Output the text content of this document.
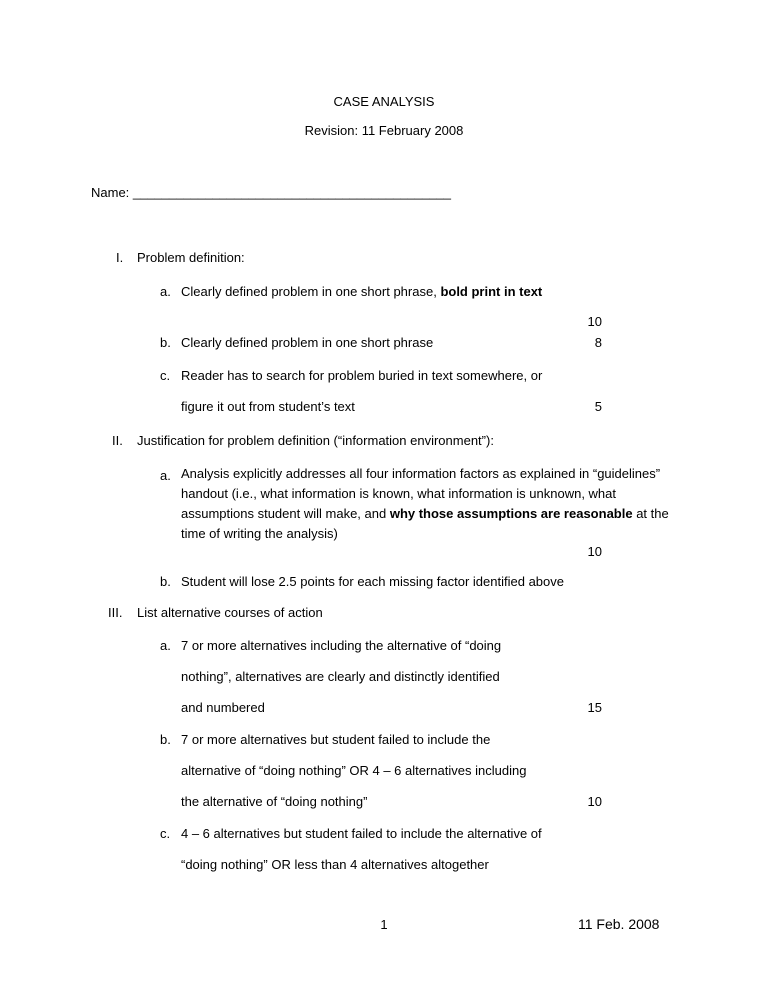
CASE ANALYSIS
Revision: 11 February 2008
Name: ____________________________________________
I. Problem definition:
a. Clearly defined problem in one short phrase, bold print in text
10
b. Clearly defined problem in one short phrase	8
c. Reader has to search for problem buried in text somewhere, or
figure it out from student’s text	5
II. Justification for problem definition (“information environment”):
a. Analysis explicitly addresses all four information factors as explained in “guidelines” handout (i.e., what information is known, what information is unknown, what assumptions student will make, and why those assumptions are reasonable at the time of writing the analysis)
10
b. Student will lose 2.5 points for each missing factor identified above
III. List alternative courses of action
a. 7 or more alternatives including the alternative of “doing
nothing”, alternatives are clearly and distinctly identified
and numbered	15
b. 7 or more alternatives but student failed to include the
alternative of “doing nothing” OR 4 – 6 alternatives including
the alternative of “doing nothing”	10
c. 4 – 6 alternatives but student failed to include the alternative of
“doing nothing” OR less than 4 alternatives altogether
1	11 Feb. 2008
